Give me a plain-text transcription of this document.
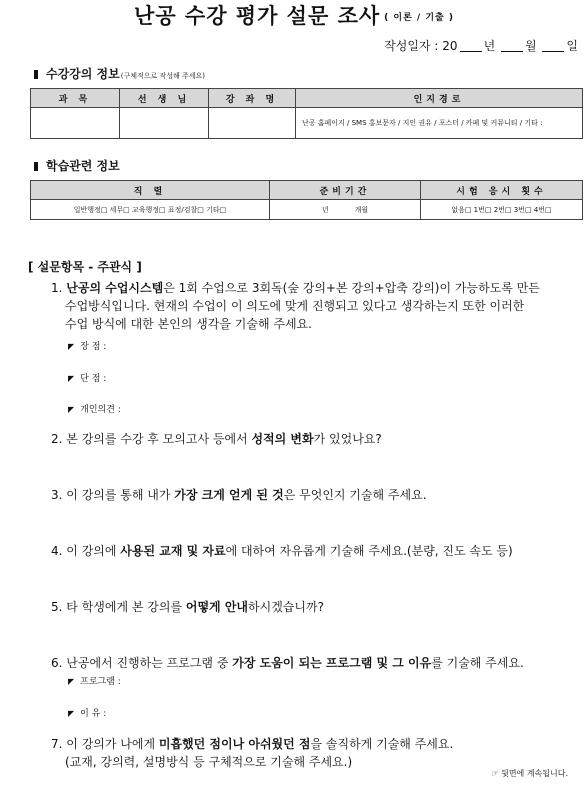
난공 수강 평가 설문 조사 $^{( 이론 / 기출 )}$
작성일자 : 20 년 월 일
수강강의 정보(구체적으로 작성해 주세요)
과 목	선 생 님	강 좌 명	인지경로
			난공 홈페이지 / SMS 홍보문자 / 지인 권유 / 포스터 / 카페 및 커뮤니티 / 기타 :
학습관련 정보
직 렬	준비기간	시험 응시 횟수
일반행정□ 세무□ 교육행정□ 표정/검찰□ 기타□	년 개월	없음□ 1번□ 2번□ 3번□ 4번□
[ 설문항목 - 주관식 ]
1. 난공의 수업시스템은 1회 수업으로 3회독(숲 강의+본 강의+압축 강의)이 가능하도록 만든
수업방식입니다. 현재의 수업이 이 의도에 맞게 진행되고 있다고 생각하는지 또한 이러한
수업 방식에 대한 본인의 생각을 기술해 주세요.
◤ 장 점 :
◤ 단 점 :
◤ 개인의견 :
2. 본 강의를 수강 후 모의고사 등에서 성적의 변화가 있었나요?
3. 이 강의를 통해 내가 가장 크게 얻게 된 것은 무엇인지 기술해 주세요.
4. 이 강의에 사용된 교재 및 자료에 대하여 자유롭게 기술해 주세요.(분량, 진도 속도 등)
5. 타 학생에게 본 강의를 어떻게 안내하시겠습니까?
6. 난공에서 진행하는 프로그램 중 가장 도움이 되는 프로그램 및 그 이유를 기술해 주세요.
◤ 프로그램 :
◤ 이 유 :
7. 이 강의가 나에게 미흡했던 점이나 아쉬웠던 점을 솔직하게 기술해 주세요.
(교재, 강의력, 설명방식 등 구체적으로 기술해 주세요.)
☞ 뒷면에 계속됩니다.
